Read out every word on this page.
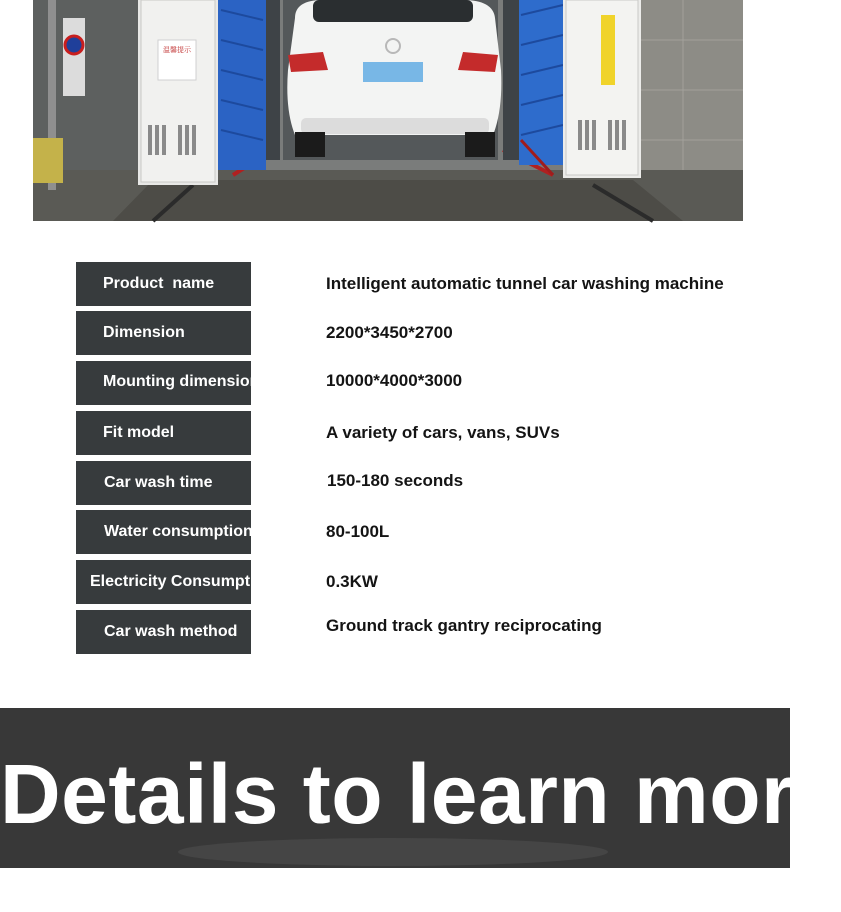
温馨提示
Product  name	Intelligent automatic tunnel car washing machine
Dimension	2200*3450*2700
Mounting dimensions	10000*4000*3000
Fit model	A variety of cars, vans, SUVs
Car wash time	150-180 seconds
Water consumption	80-100L
Electricity Consumption	0.3KW
Car wash method	Ground track gantry reciprocating
Details to learn more
